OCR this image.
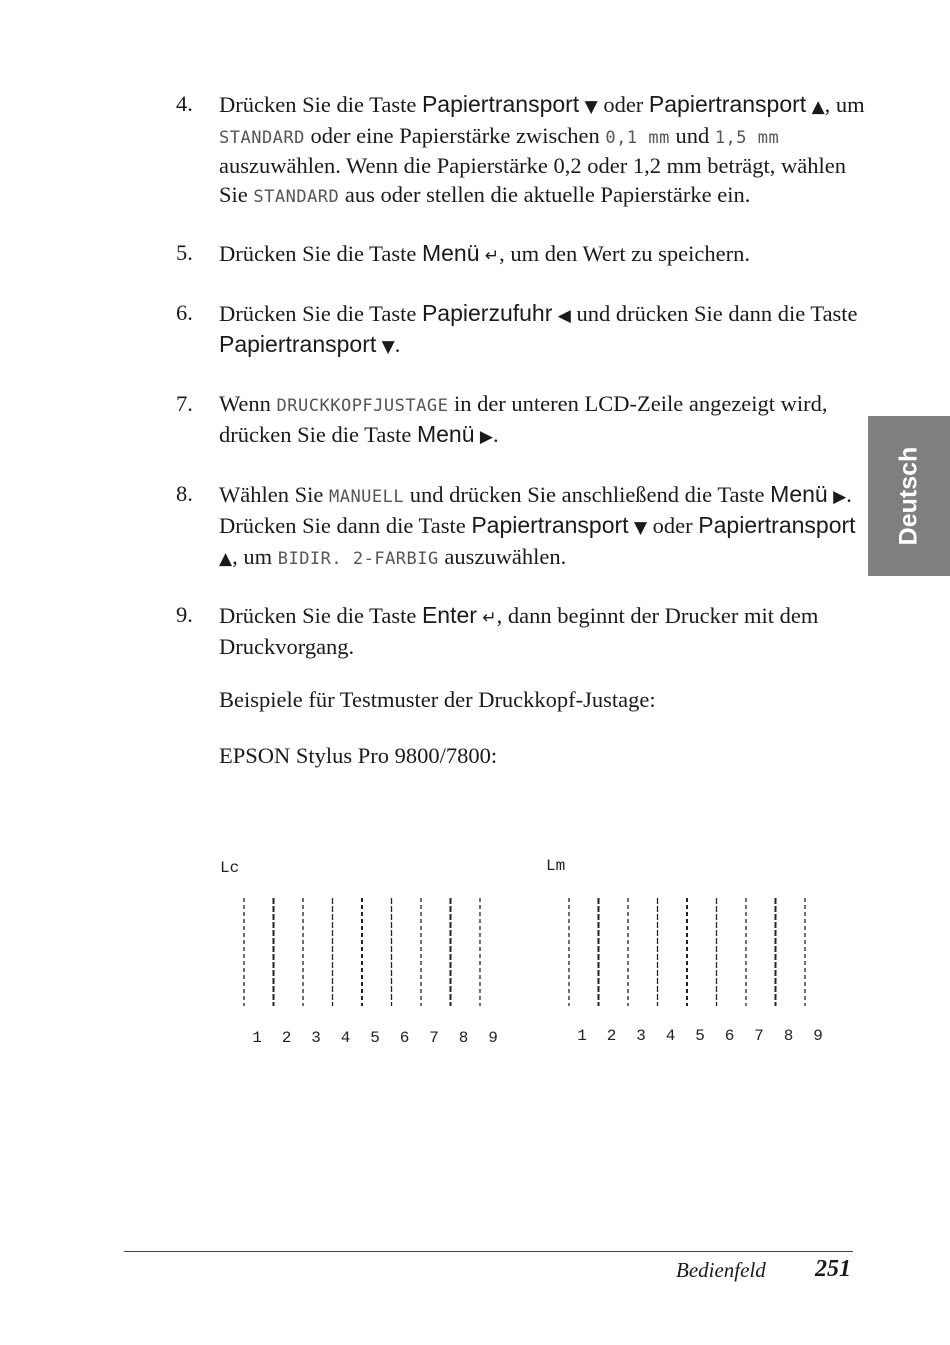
4. Drücken Sie die Taste Papiertransport ▼ oder Papiertransport ▲, um STANDARD oder eine Papierstärke zwischen 0,1 mm und 1,5 mm auszuwählen. Wenn die Papierstärke 0,2 oder 1,2 mm beträgt, wählen Sie STANDARD aus oder stellen die aktuelle Papierstärke ein.
5. Drücken Sie die Taste Menü ↵, um den Wert zu speichern.
6. Drücken Sie die Taste Papierzufuhr ◀ und drücken Sie dann die Taste Papiertransport ▼.
7. Wenn DRUCKKOPFJUSTAGE in der unteren LCD-Zeile angezeigt wird, drücken Sie die Taste Menü ▶.
8. Wählen Sie MANUELL und drücken Sie anschließend die Taste Menü ▶. Drücken Sie dann die Taste Papiertransport ▼ oder Papiertransport ▲, um BIDIR. 2-FARBIG auszuwählen.
9. Drücken Sie die Taste Enter ↵, dann beginnt der Drucker mit dem Druckvorgang.
Beispiele für Testmuster der Druckkopf-Justage:
EPSON Stylus Pro 9800/7800:
Lc
1 2 3 4 5 6 7 8 9
Lm
1 2 3 4 5 6 7 8 9
Deutsch
Bedienfeld 251
